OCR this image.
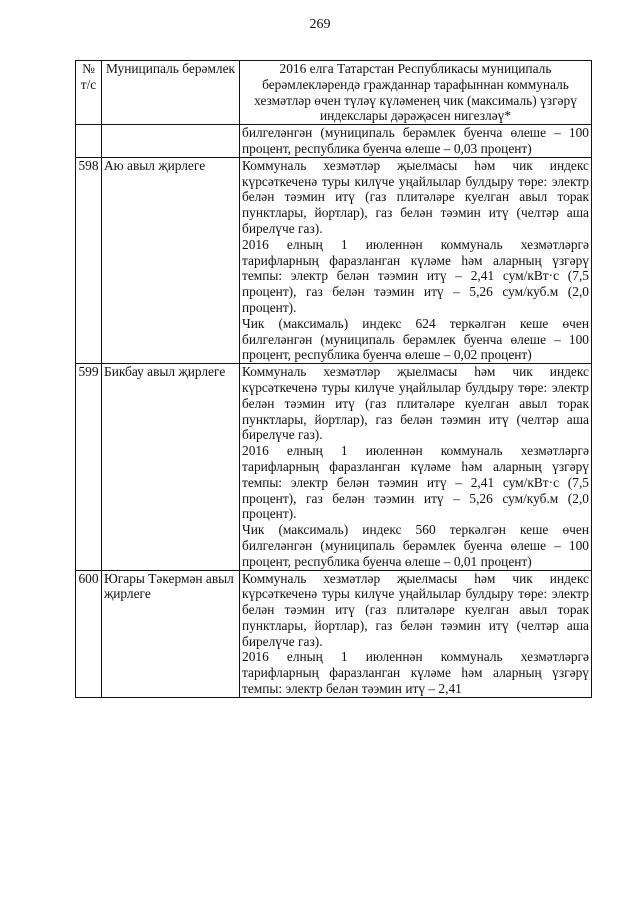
269
№ т/с	Муниципаль берәмлек	2016 елга Татарстан Республикасы муниципаль берәмлекләрендә гражданнар тарафыннан коммуналь хезмәтләр өчен түләү күләменең чик (максималь) үзгәрү индекслары дәрәҗәсен нигезләү*

		билгеләнгән (муниципаль берәмлек буенча өлеше – 100 процент, республика буенча өлеше – 0,03 процент)

598	Аю авыл җирлеге	Коммуналь хезмәтләр җыелмасы һәм чик индекс күрсәткеченә туры килүче уңайлылар булдыру төре: электр белән тәэмин итү (газ плитәләре куелган авыл торак пунктлары, йортлар), газ белән тәэмин итү (челтәр аша бирелүче газ).

2016 елның 1 июленнән коммуналь хезмәтләргә тарифларның фаразланган күләме һәм аларның үзгәрү темпы: электр белән тәэмин итү – 2,41 сум/кВт·с (7,5 процент), газ белән тәэмин итү – 5,26 сум/куб.м (2,0 процент).

Чик (максималь) индекс 624 теркәлгән кеше өчен билгеләнгән (муниципаль берәмлек буенча өлеше – 100 процент, республика буенча өлеше – 0,02 процент)

599	Бикбау авыл җирлеге	Коммуналь хезмәтләр җыелмасы һәм чик индекс күрсәткеченә туры килүче уңайлылар булдыру төре: электр белән тәэмин итү (газ плитәләре куелган авыл торак пунктлары, йортлар), газ белән тәэмин итү (челтәр аша бирелүче газ).

2016 елның 1 июленнән коммуналь хезмәтләргә тарифларның фаразланган күләме һәм аларның үзгәрү темпы: электр белән тәэмин итү – 2,41 сум/кВт·с (7,5 процент), газ белән тәэмин итү – 5,26 сум/куб.м (2,0 процент).

Чик (максималь) индекс 560 теркәлгән кеше өчен билгеләнгән (муниципаль берәмлек буенча өлеше – 100 процент, республика буенча өлеше – 0,01 процент)

600	Югары Тәкермән авыл җирлеге	Коммуналь хезмәтләр җыелмасы һәм чик индекс күрсәткеченә туры килүче уңайлылар булдыру төре: электр белән тәэмин итү (газ плитәләре куелган авыл торак пунктлары, йортлар), газ белән тәэмин итү (челтәр аша бирелүче газ).

2016 елның 1 июленнән коммуналь хезмәтләргә тарифларның фаразланган күләме һәм аларның үзгәрү темпы: электр белән тәэмин итү – 2,41
